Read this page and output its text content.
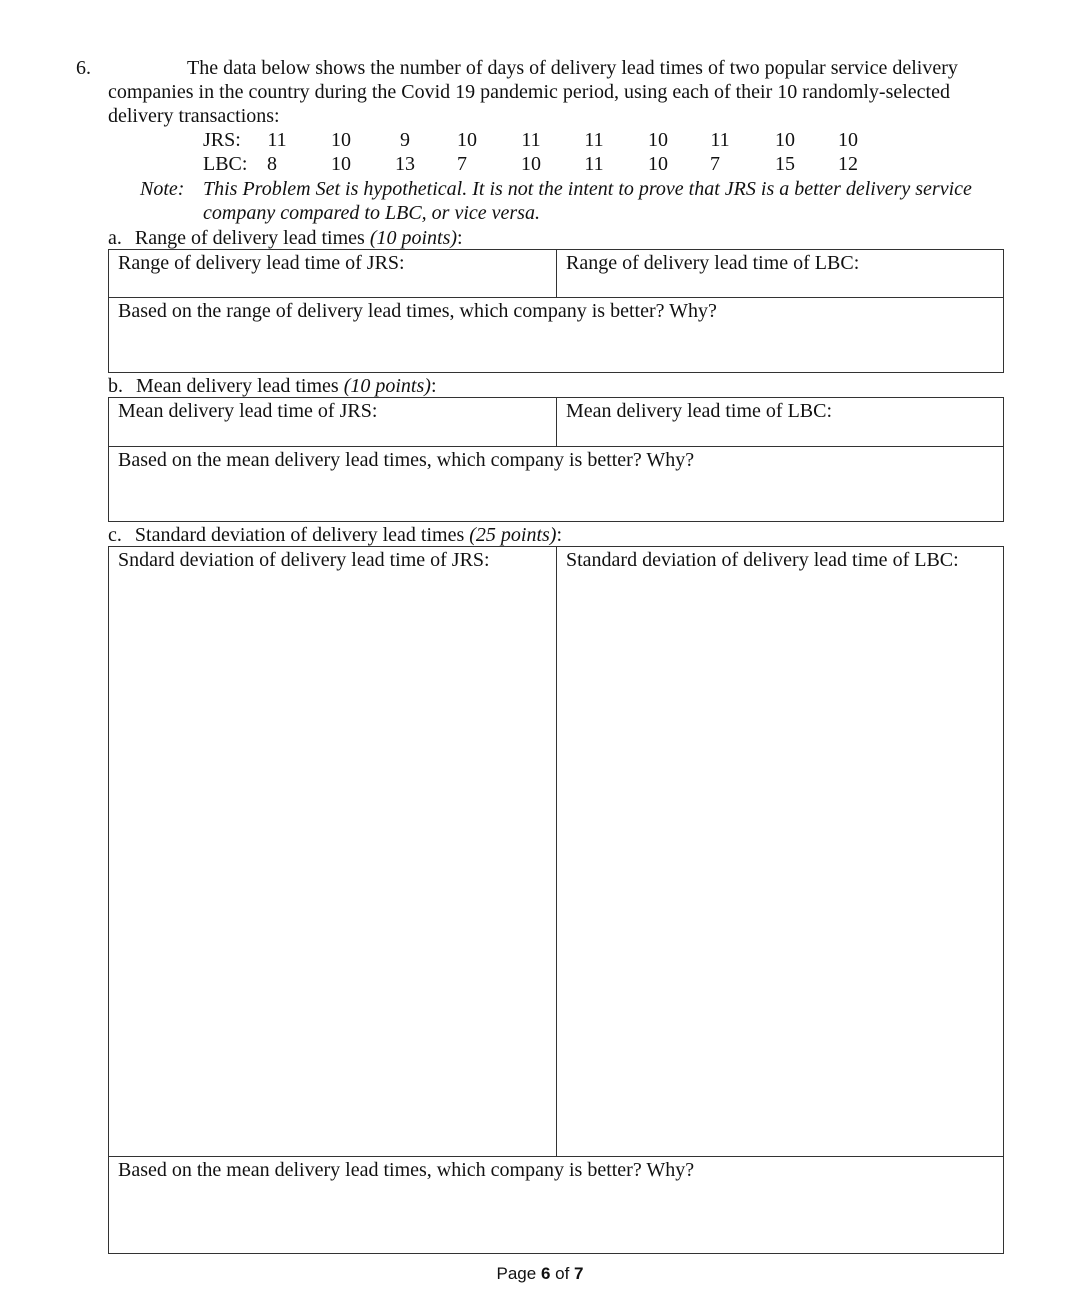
6.	The data below shows the number of days of delivery lead times of two popular service delivery
companies in the country during the Covid 19 pandemic period, using each of their 10 randomly-selected
delivery transactions:
JRS:	11	10	9	10	11	11	10	11	10	10
LBC: 8	10	13	7	10	11	10	7	15	12
Note: This Problem Set is hypothetical. It is not the intent to prove that JRS is a better delivery service
company compared to LBC, or vice versa.
a. Range of delivery lead times (10 points):
Range of delivery lead time of JRS:	Range of delivery lead time of LBC:
Based on the range of delivery lead times, which company is better? Why?
b. Mean delivery lead times (10 points):
Mean delivery lead time of JRS:	Mean delivery lead time of LBC:
Based on the mean delivery lead times, which company is better? Why?
c. Standard deviation of delivery lead times (25 points):
Sndard deviation of delivery lead time of JRS:	Standard deviation of delivery lead time of LBC:
Based on the mean delivery lead times, which company is better? Why?
Page 6 of 7
